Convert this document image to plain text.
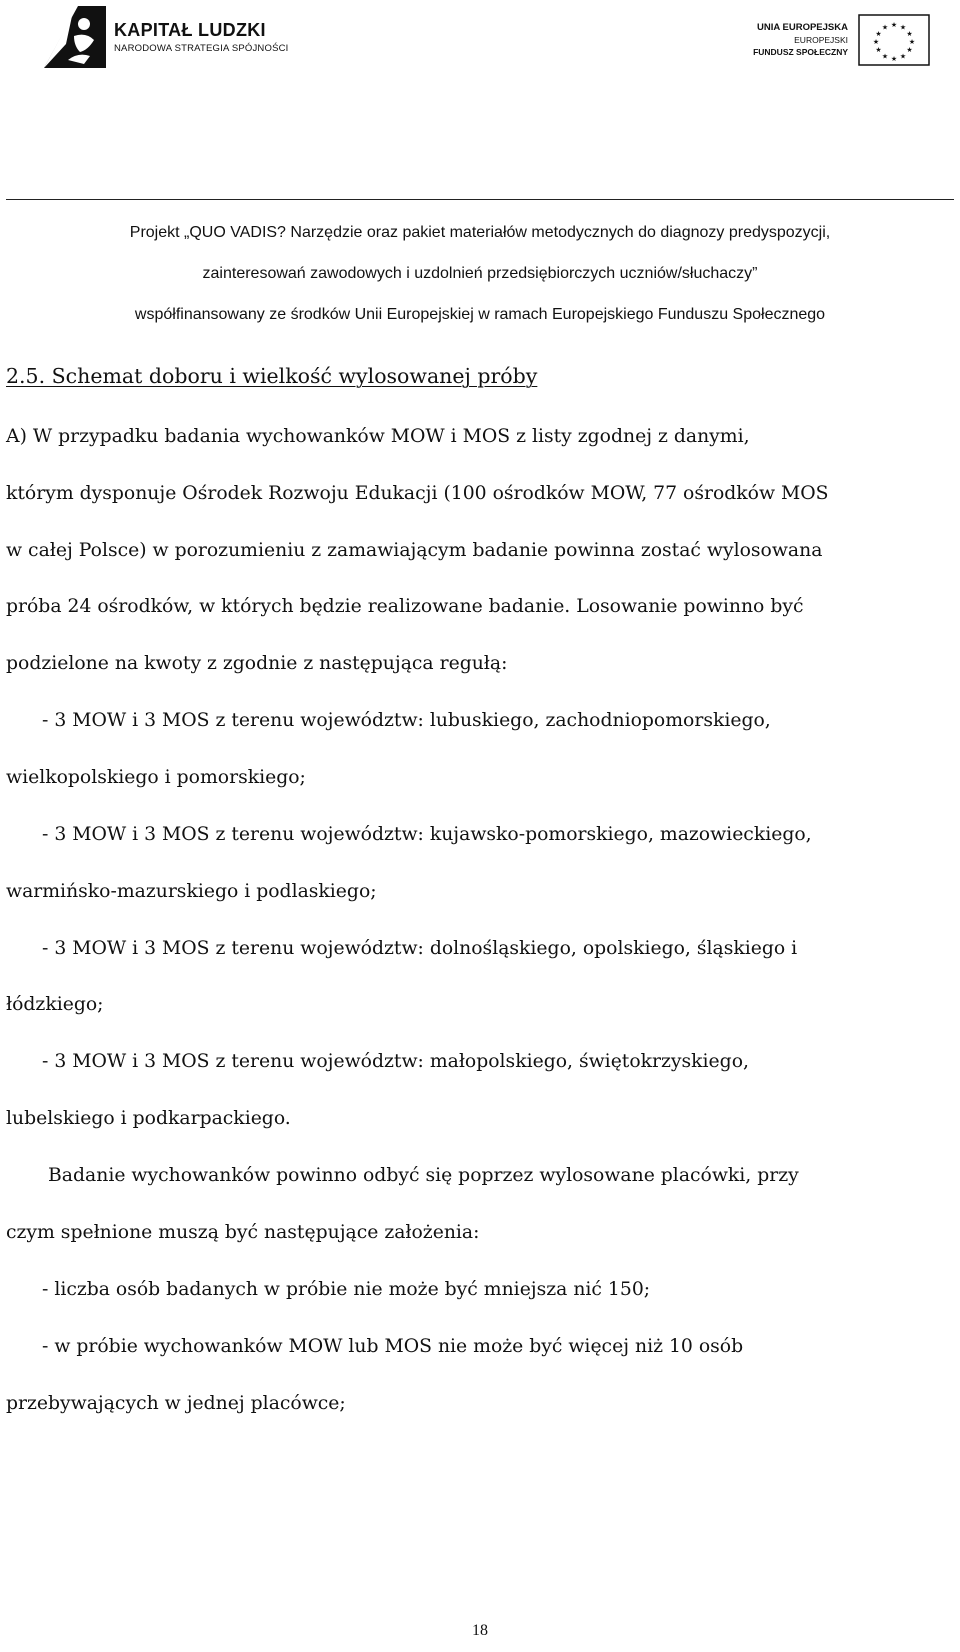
KAPITAŁ LUDZKI
NARODOWA STRATEGIA SPÓJNOŚCI
UNIA EUROPEJSKA
EUROPEJSKI
FUNDUSZ SPOŁECZNY
★ ★
★
★
★
★
★
★
★
★
★
★
Projekt „QUO VADIS? Narzędzie oraz pakiet materiałów metodycznych do diagnozy predyspozycji,
zainteresowań zawodowych i uzdolnień przedsiębiorczych uczniów/słuchaczy”
współfinansowany ze środków Unii Europejskiej w ramach Europejskiego Funduszu Społecznego
2.5. Schemat doboru i wielkość wylosowanej próby
A) W przypadku badania wychowanków MOW i MOS z listy zgodnej z danymi,
którym dysponuje Ośrodek Rozwoju Edukacji (100 ośrodków MOW, 77 ośrodków MOS
w całej Polsce) w porozumieniu z zamawiającym badanie powinna zostać wylosowana
próba 24 ośrodków, w których będzie realizowane badanie. Losowanie powinno być
podzielone na kwoty z zgodnie z następująca regułą:
- 3 MOW i 3 MOS z terenu województw: lubuskiego, zachodniopomorskiego,
wielkopolskiego i pomorskiego;
- 3 MOW i 3 MOS z terenu województw: kujawsko-pomorskiego, mazowieckiego,
warmińsko-mazurskiego i podlaskiego;
- 3 MOW i 3 MOS z terenu województw: dolnośląskiego, opolskiego, śląskiego i
łódzkiego;
- 3 MOW i 3 MOS z terenu województw: małopolskiego, świętokrzyskiego,
lubelskiego i podkarpackiego.
Badanie wychowanków powinno odbyć się poprzez wylosowane placówki, przy
czym spełnione muszą być następujące założenia:
- liczba osób badanych w próbie nie może być mniejsza nić 150;
- w próbie wychowanków MOW lub MOS nie może być więcej niż 10 osób
przebywających w jednej placówce;
18
